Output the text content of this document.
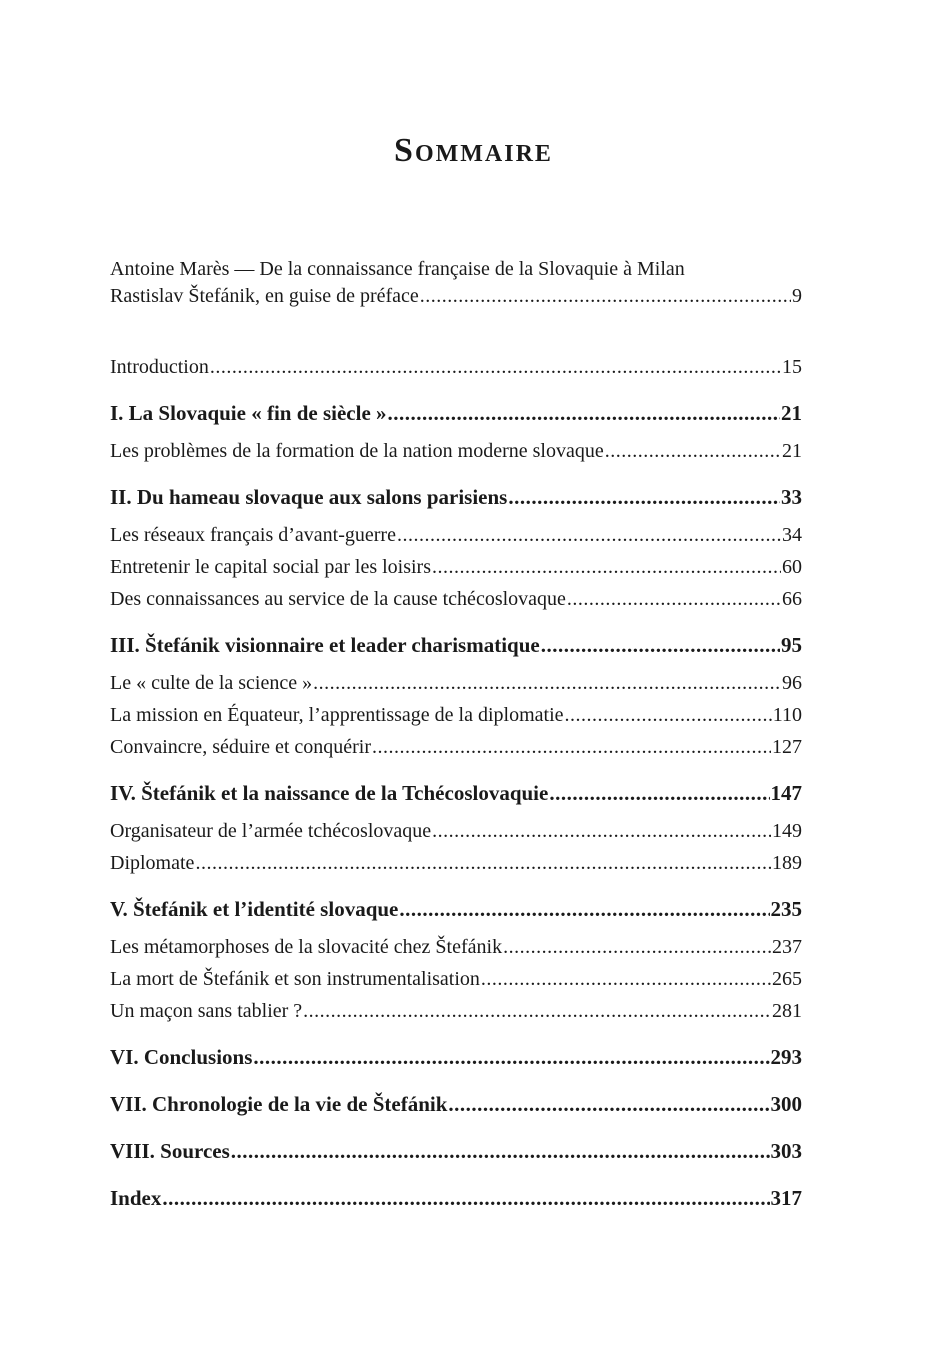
Sommaire
Antoine Marès — De la connaissance française de la Slovaquie à Milan
Rastislav Štefánik, en guise de préface .....	9
Introduction .....	15
I. La Slovaquie « fin de siècle » .....	21
Les problèmes de la formation de la nation moderne slovaque .....	21
II. Du hameau slovaque aux salons parisiens .....	33
Les réseaux français d’avant-guerre .....	34
Entretenir le capital social par les loisirs .....	60
Des connaissances au service de la cause tchécoslovaque .....	66
III. Štefánik visionnaire et leader charismatique .....	95
Le « culte de la science » .....	96
La mission en Équateur, l’apprentissage de la diplomatie .....	110
Convaincre, séduire et conquérir .....	127
IV. Štefánik et la naissance de la Tchécoslovaquie .....	147
Organisateur de l’armée tchécoslovaque .....	149
Diplomate .....	189
V. Štefánik et l’identité slovaque .....	235
Les métamorphoses de la slovacité chez Štefánik .....	237
La mort de Štefánik et son instrumentalisation .....	265
Un maçon sans tablier ? .....	281
VI. Conclusions .....	293
VII. Chronologie de la vie de Štefánik .....	300
VIII. Sources .....	303
Index .....	317
